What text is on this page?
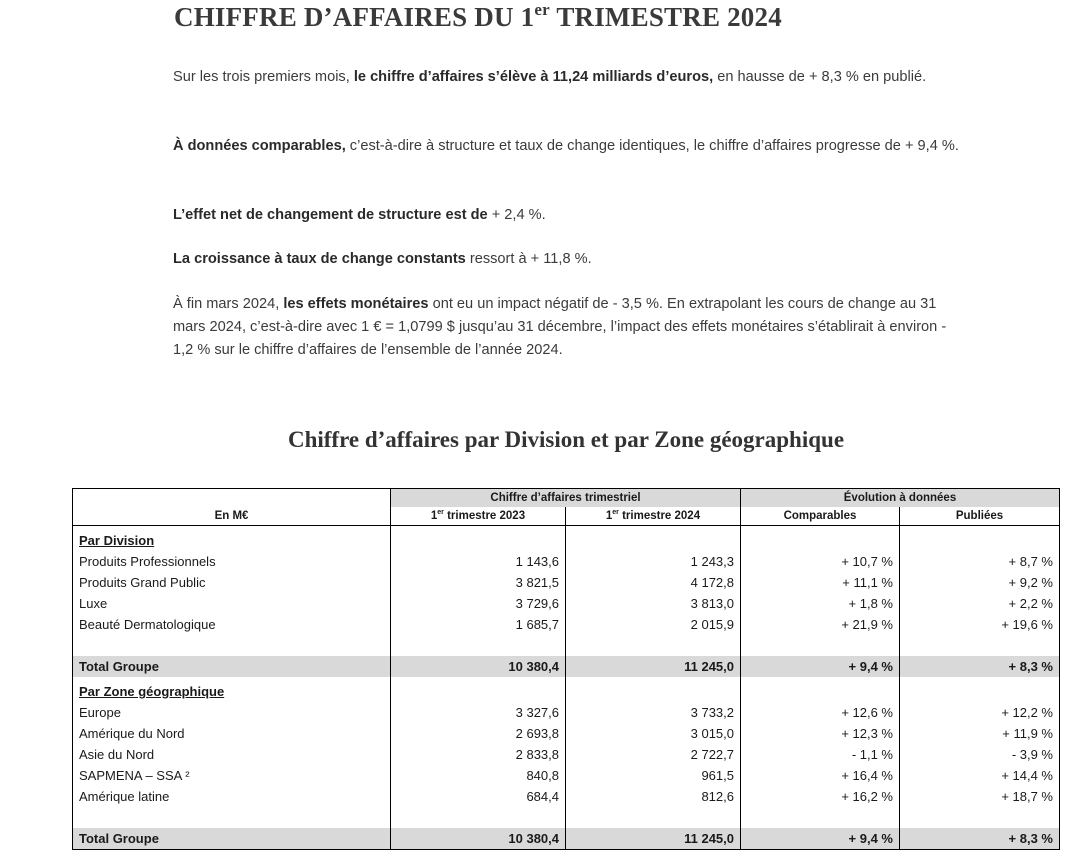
CHIFFRE D’AFFAIRES DU 1er TRIMESTRE 2024

Sur les trois premiers mois, le chiffre d’affaires s’élève à 11,24 milliards d’euros, en hausse de + 8,3 % en publié.

À données comparables, c’est-à-dire à structure et taux de change identiques, le chiffre d’affaires progresse de + 9,4 %.

L’effet net de changement de structure est de + 2,4 %.

La croissance à taux de change constants ressort à + 11,8 %.

À fin mars 2024, les effets monétaires ont eu un impact négatif de - 3,5 %. En extrapolant les cours de change au 31 mars 2024, c’est-à-dire avec 1 € = 1,0799 $ jusqu’au 31 décembre, l’impact des effets monétaires s’établirait à environ - 1,2 % sur le chiffre d’affaires de l’ensemble de l’année 2024.

Chiffre d’affaires par Division et par Zone géographique
	Chiffre d’affaires trimestriel		Évolution à données	
En M€	1er trimestre 2023	1er trimestre 2024	Comparables	Publiées
Par Division				
Produits Professionnels	1 143,6	1 243,3	+ 10,7 %	+ 8,7 %
Produits Grand Public	3 821,5	4 172,8	+ 11,1 %	+ 9,2 %
Luxe	3 729,6	3 813,0	+ 1,8 %	+ 2,2 %
Beauté Dermatologique	1 685,7	2 015,9	+ 21,9 %	+ 19,6 %

Total Groupe	10 380,4	11 245,0	+ 9,4 %	+ 8,3 %
Par Zone géographique				
Europe	3 327,6	3 733,2	+ 12,6 %	+ 12,2 %
Amérique du Nord	2 693,8	3 015,0	+ 12,3 %	+ 11,9 %
Asie du Nord	2 833,8	2 722,7	- 1,1 %	- 3,9 %
SAPMENA – SSA ²	840,8	961,5	+ 16,4 %	+ 14,4 %
Amérique latine	684,4	812,6	+ 16,2 %	+ 18,7 %

Total Groupe	10 380,4	11 245,0	+ 9,4 %	+ 8,3 %
